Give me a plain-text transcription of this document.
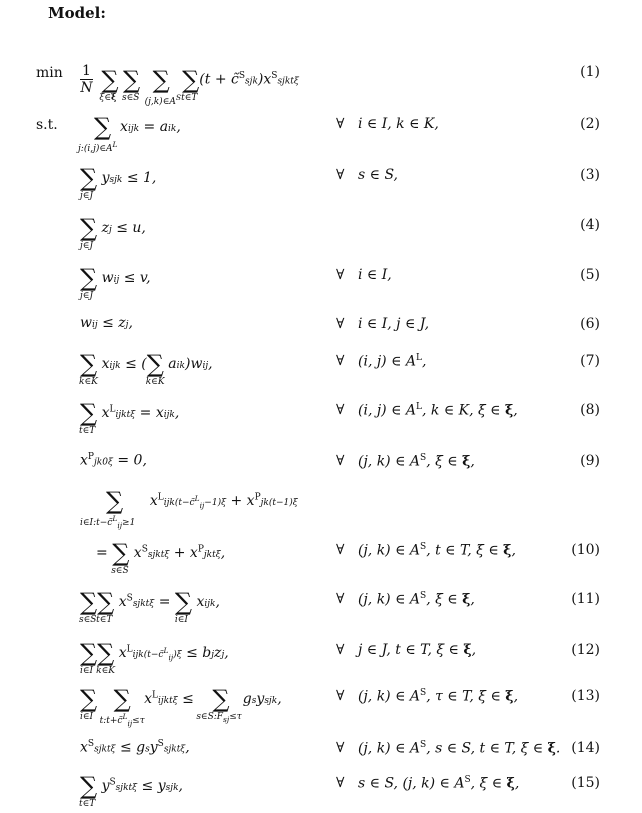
Model:
$\min \frac{1}{N}$ ∑
ξ∈ξ
∑
s∈S
∑
$(j,k)\in A^S$
∑
t∈T
$(t + c̃^Ssjk)x^Ssjkt\xi$
(1)
s.t.	∑
$j:(i,j)\in A^L$
xijk = aik,	∀ i ∈ I, k ∈ K,	(2)
∑
j∈J
ysjk ≤ 1,	∀ s ∈ S,	(3)
∑
j∈J
zj ≤ u,	(4)
∑
j∈J
wij ≤ v,	∀ i ∈ I,	(5)
wij ≤ zj,	∀ i ∈ I, j ∈ J,	(6)
∑
k∈K
xijk ≤ (∑
k∈K
aik)wij,	∀ (i, j) ∈ $A^L$,	(7)
∑
t∈T
$x^Lijkt\xi$ = xijk,	∀ (i, j) ∈ $A^L$, k ∈ K, ξ ∈ ξ,	(8)
$x^Pjk0\xi = 0$,	∀ (j, k) ∈ $A^S$, ξ ∈ ξ,	(9)
∑
i∈I:t−c̃$^L_{ij}$≥1
$x^Lijk(t-c̃^L_{ij}-1)\xi + x^Pjk(t-1)\xi$
= ∑
s∈S
$x^Ssjkt\xi + x^Pjkt\xi$,	∀ (j, k) ∈ $A^S$, t ∈ T, ξ ∈ ξ,	(10)
∑
s∈S
∑
t∈T
$x^Ssjkt\xi$ = ∑
i∈I
xijk,	∀ (j, k) ∈ $A^S$, ξ ∈ ξ,	(11)
∑
i∈I
∑
k∈K
$x^Lijk(t-c̃^L_{ij})\xi$ ≤ bjzj,	∀ j ∈ J, t ∈ T, ξ ∈ ξ,	(12)
∑
i∈I
∑
t:t+c̃$^L_{ij}$≤τ
$x^Lijkt\xi$ ≤ ∑
$s\in S:F_{sj}\le\tau$
gsysjk,	∀ (j, k) ∈ $A^S$, τ ∈ T, ξ ∈ ξ,	(13)
$x^Ssjkt\xi$ ≤ gsy$^S$sjktξ,	∀ (j, k) ∈ $A^S$, s ∈ S, t ∈ T, ξ ∈ ξ. (14)
∑
t∈T
$y^Ssjkt\xi$ ≤ ysjk,	∀ s ∈ S, (j, k) ∈ $A^S$, ξ ∈ ξ,	(15)
